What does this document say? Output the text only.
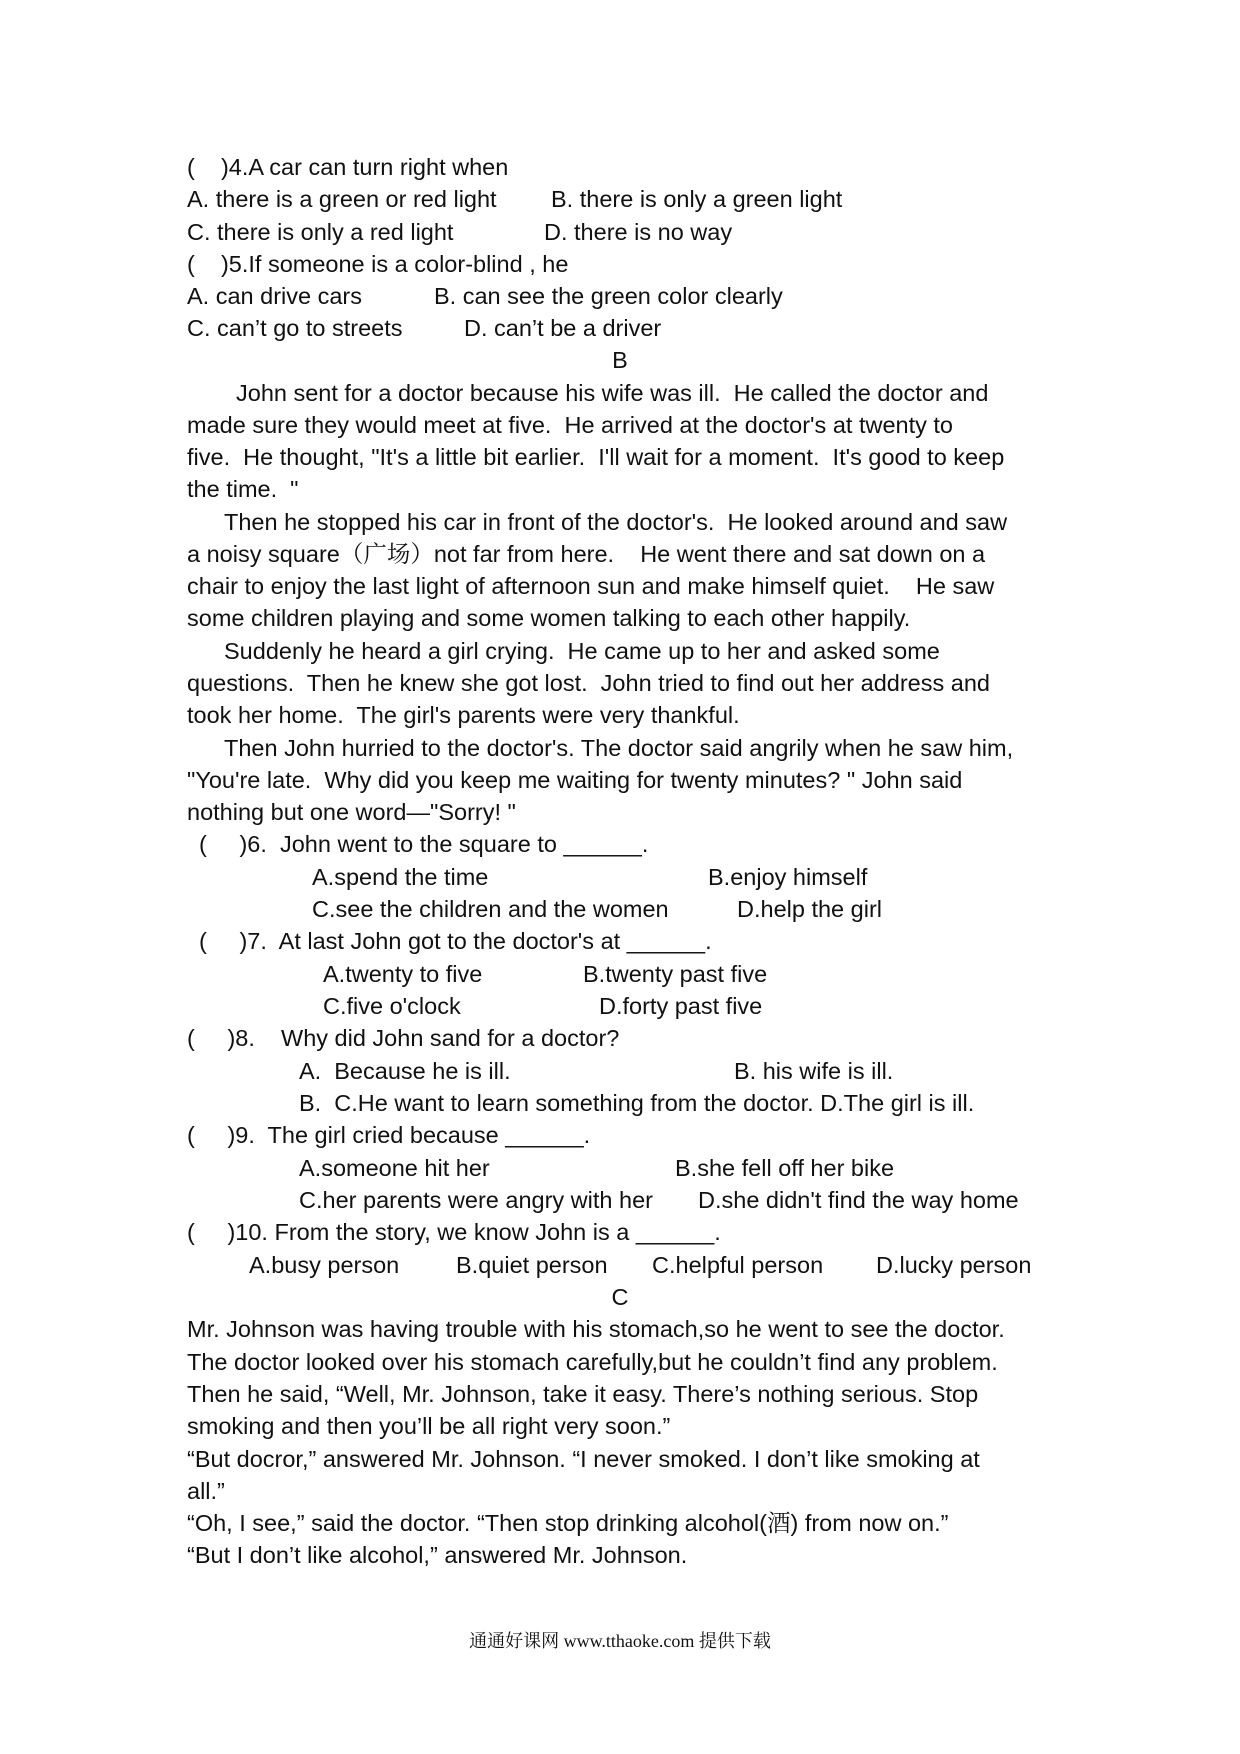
(    )4.A car can turn right when
A. there is a green or red light B. there is only a green light
C. there is only a red light	D. there is no way
(    )5.If someone is a color-blind , he
A. can drive cars	B. can see the green color clearly
C. can’t go to streets	D. can’t be a driver
B
John sent for a doctor because his wife was ill.  He called the doctor and
made sure they would meet at five.  He arrived at the doctor's at twenty to
five.  He thought, "It's a little bit earlier.  I'll wait for a moment.  It's good to keep
the time.  "
Then he stopped his car in front of the doctor's.  He looked around and saw
a noisy square（广场）not far from here.    He went there and sat down on a
chair to enjoy the last light of afternoon sun and make himself quiet.    He saw
some children playing and some women talking to each other happily.
Suddenly he heard a girl crying.  He came up to her and asked some
questions.  Then he knew she got lost.  John tried to find out her address and
took her home.  The girl's parents were very thankful.
Then John hurried to the doctor's. The doctor said angrily when he saw him,
"You're late.  Why did you keep me waiting for twenty minutes? " John said
nothing but one word—"Sorry! "
(     )6.  John went to the square to ______.
A.spend the time	B.enjoy himself
C.see the children and the women	D.help the girl
(     )7.  At last John got to the doctor's at ______.
A.twenty to five	B.twenty past five
C.five o'clock	D.forty past five
(     )8.    Why did John sand for a doctor?
A.  Because he is ill.	B. his wife is ill.
B.  C.He want to learn something from the doctor. D.The girl is ill.
(     )9.  The girl cried because ______.
A.someone hit her	B.she fell off her bike
C.her parents were angry with her D.she didn't find the way home
(     )10. From the story, we know John is a ______.
A.busy person B.quiet person C.helpful person D.lucky person
C
Mr. Johnson was having trouble with his stomach,so he went to see the doctor.
The doctor looked over his stomach carefully,but he couldn’t find any problem.
Then he said, “Well, Mr. Johnson, take it easy. There’s nothing serious. Stop
smoking and then you’ll be all right very soon.”
“But docror,” answered Mr. Johnson. “I never smoked. I don’t like smoking at
all.”
“Oh, I see,” said the doctor. “Then stop drinking alcohol(酒) from now on.”
“But I don’t like alcohol,” answered Mr. Johnson.
通通好课网 www.tthaoke.com 提供下载
